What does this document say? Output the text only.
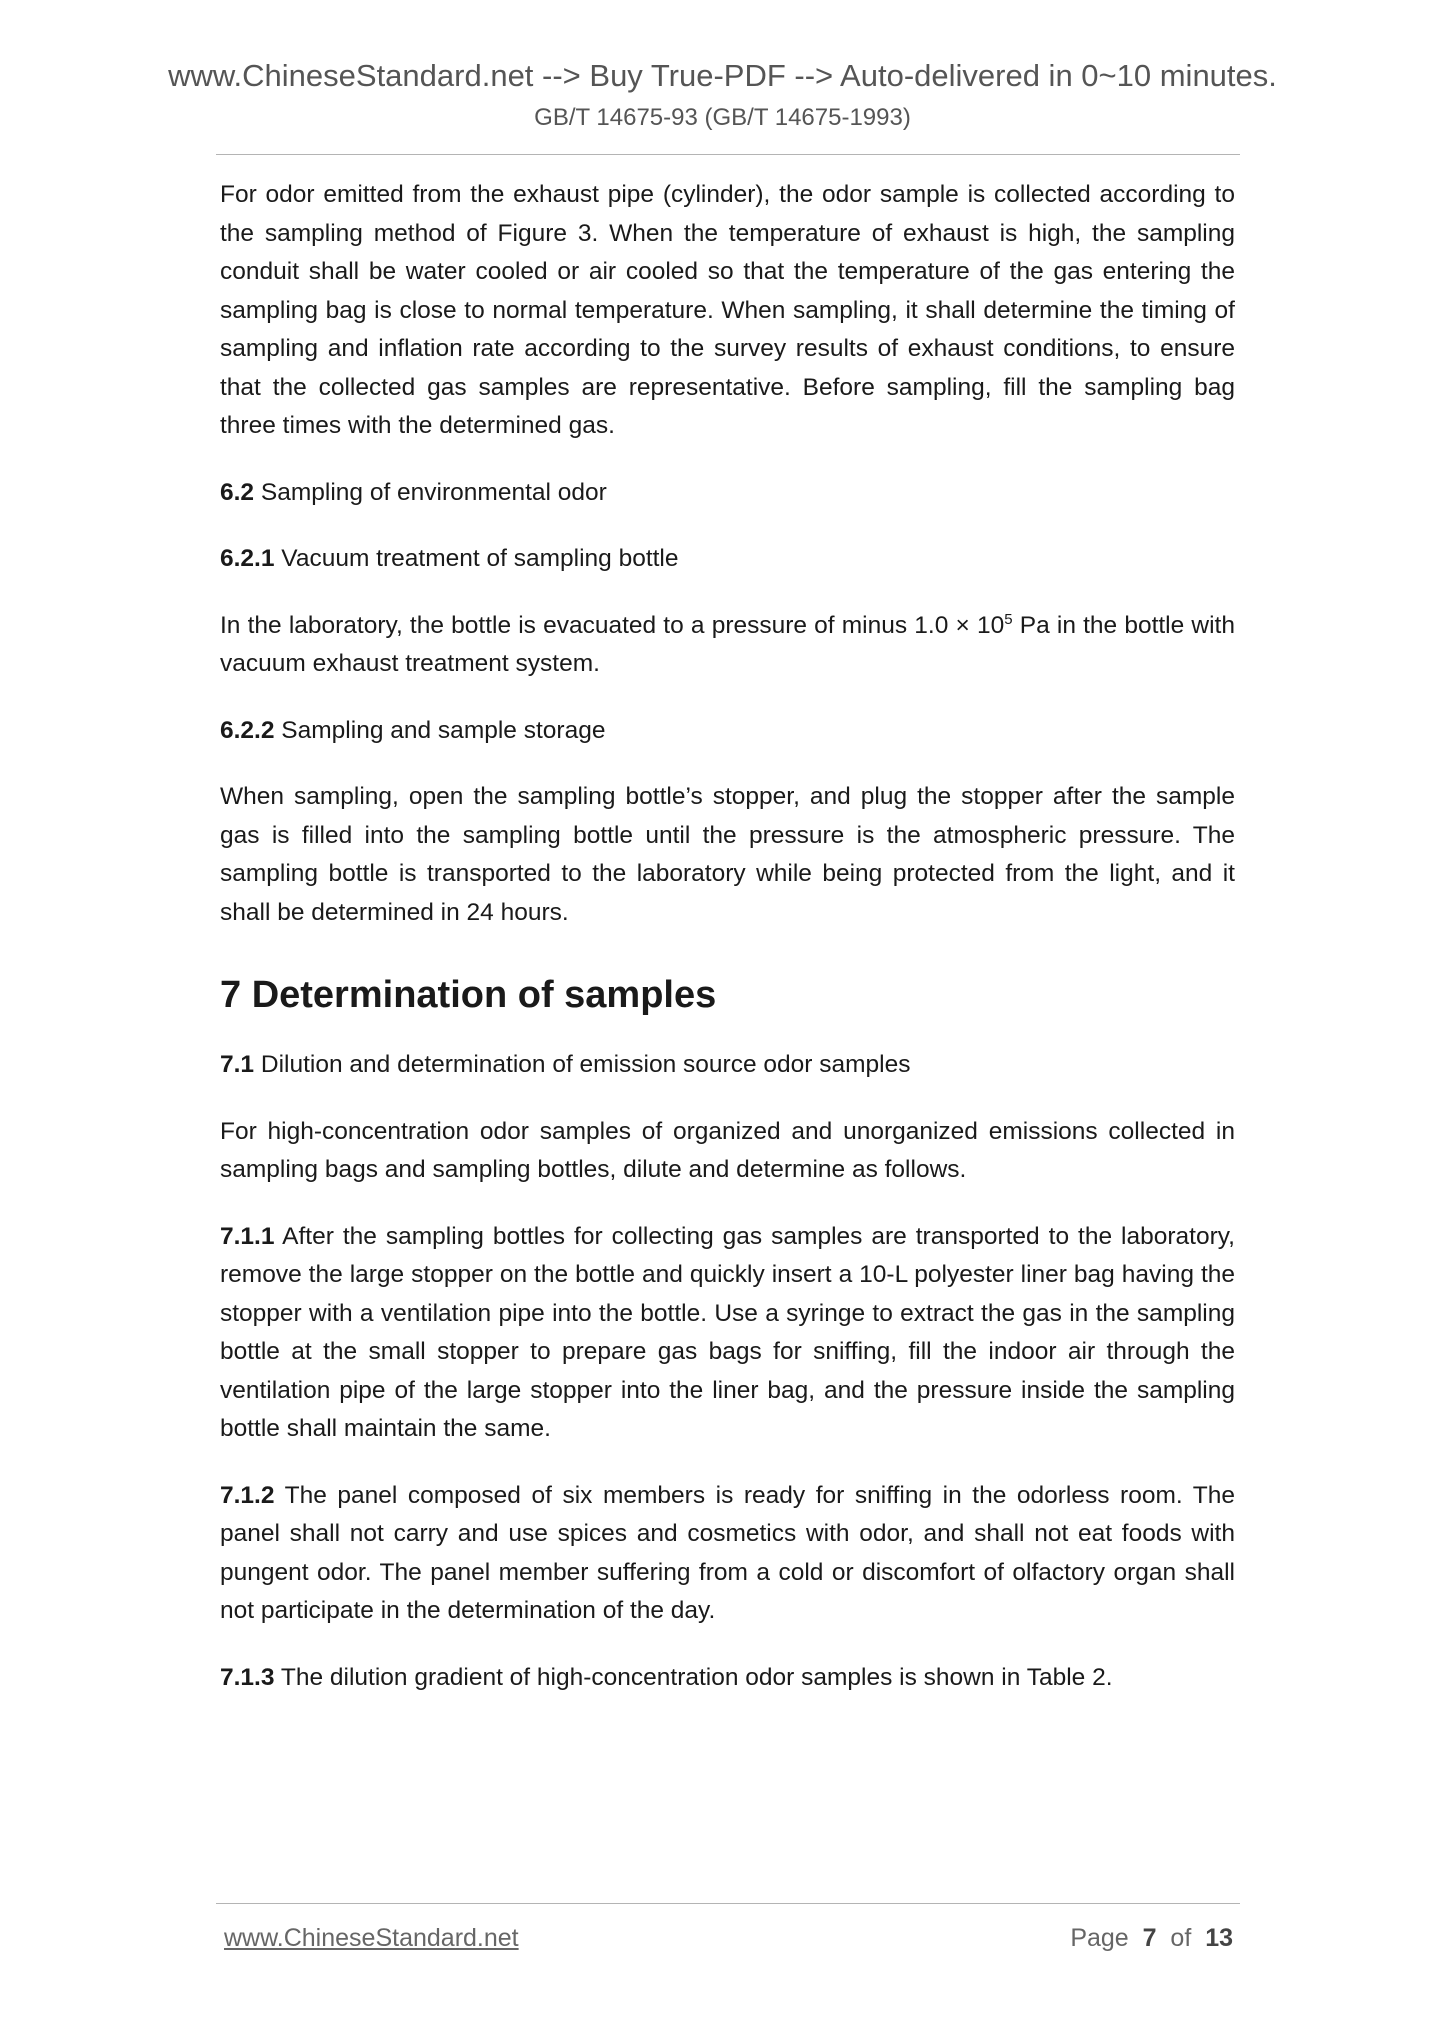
www.ChineseStandard.net --> Buy True-PDF --> Auto-delivered in 0~10 minutes.
GB/T 14675-93 (GB/T 14675-1993)

For odor emitted from the exhaust pipe (cylinder), the odor sample is collected according to the sampling method of Figure 3. When the temperature of exhaust is high, the sampling conduit shall be water cooled or air cooled so that the temperature of the gas entering the sampling bag is close to normal temperature. When sampling, it shall determine the timing of sampling and inflation rate according to the survey results of exhaust conditions, to ensure that the collected gas samples are representative. Before sampling, fill the sampling bag three times with the determined gas.

6.2 Sampling of environmental odor

6.2.1 Vacuum treatment of sampling bottle

In the laboratory, the bottle is evacuated to a pressure of minus $1.0 \times 10^5$ Pa in the bottle with vacuum exhaust treatment system.

6.2.2 Sampling and sample storage

When sampling, open the sampling bottle’s stopper, and plug the stopper after the sample gas is filled into the sampling bottle until the pressure is the atmospheric pressure. The sampling bottle is transported to the laboratory while being protected from the light, and it shall be determined in 24 hours.

7 Determination of samples

7.1 Dilution and determination of emission source odor samples

For high-concentration odor samples of organized and unorganized emissions collected in sampling bags and sampling bottles, dilute and determine as follows.

7.1.1 After the sampling bottles for collecting gas samples are transported to the laboratory, remove the large stopper on the bottle and quickly insert a 10-L polyester liner bag having the stopper with a ventilation pipe into the bottle. Use a syringe to extract the gas in the sampling bottle at the small stopper to prepare gas bags for sniffing, fill the indoor air through the ventilation pipe of the large stopper into the liner bag, and the pressure inside the sampling bottle shall maintain the same.

7.1.2 The panel composed of six members is ready for sniffing in the odorless room. The panel shall not carry and use spices and cosmetics with odor, and shall not eat foods with pungent odor. The panel member suffering from a cold or discomfort of olfactory organ shall not participate in the determination of the day.

7.1.3 The dilution gradient of high-concentration odor samples is shown in Table 2.

www.ChineseStandard.net	Page 7 of 13
